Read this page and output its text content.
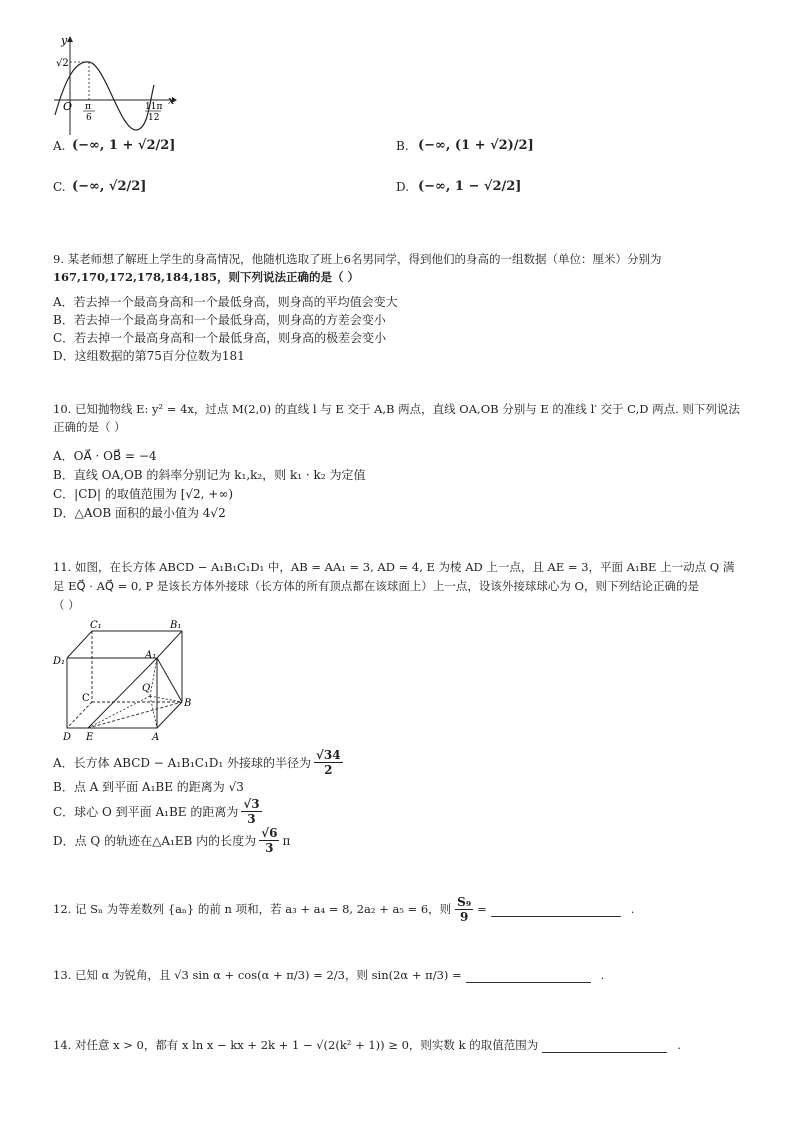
y
x
O
√2
π
6
11π
12
A. (−∞, 1 + √2/2]	B. (−∞, (1 + √2)/2]
C. (−∞, √2/2]	D. (−∞, 1 − √2/2]
9. 某老师想了解班上学生的身高情况，他随机选取了班上6名男同学，得到他们的身高的一组数据（单位：厘米）分别为
167,170,172,178,184,185，则下列说法正确的是（ ）
A．若去掉一个最高身高和一个最低身高，则身高的平均值会变大
B．若去掉一个最高身高和一个最低身高，则身高的方差会变小
C．若去掉一个最高身高和一个最低身高，则身高的极差会变小
D．这组数据的第75百分位数为181
10. 已知抛物线 E: y² = 4x，过点 M(2,0) 的直线 l 与 E 交于 A,B 两点，直线 OA,OB 分别与 E 的准线 l′ 交于 C,D 两点. 则下列说法
正确的是（ ）
A．OA⃗ · OB⃗ = −4
B．直线 OA,OB 的斜率分别记为 k₁,k₂，则 k₁ · k₂ 为定值
C．|CD| 的取值范围为 [√2, +∞)
D．△AOB 面积的最小值为 4√2
11. 如图，在长方体 ABCD − A₁B₁C₁D₁ 中，AB = AA₁ = 3, AD = 4, E 为棱 AD 上一点，且 AE = 3，平面 A₁BE 上一动点 Q 满
足 EQ⃗ · AQ⃗ = 0, P 是该长方体外接球（长方体的所有顶点都在该球面上）上一点，设该外接球球心为 O，则下列结论正确的是
（ ）
C₁	B₁
D₁
A₁
C
Q
B
D E	A
A．长方体 ABCD − A₁B₁C₁D₁ 外接球的半径为 $\frac{√34}{2}$
B．点 A 到平面 A₁BE 的距离为 √3
C．球心 O 到平面 A₁BE 的距离为 $\frac{√3}{3}$
D．点 Q 的轨迹在△A₁EB 内的长度为 $\frac{√6}{3}$ π
12. 记 Sₙ 为等差数列 {aₙ} 的前 n 项和，若 a₃ + a₄ = 8, 2a₂ + a₅ = 6，则 $\frac{\text{S₉}}{9}$ =	.
13. 已知 α 为锐角，且 √3 sin α + cos(α + π/3) = 2/3，则 sin(2α + π/3) =	.
14. 对任意 x > 0，都有 x ln x − kx + 2k + 1 − √(2(k² + 1)) ≥ 0，则实数 k 的取值范围为	.
